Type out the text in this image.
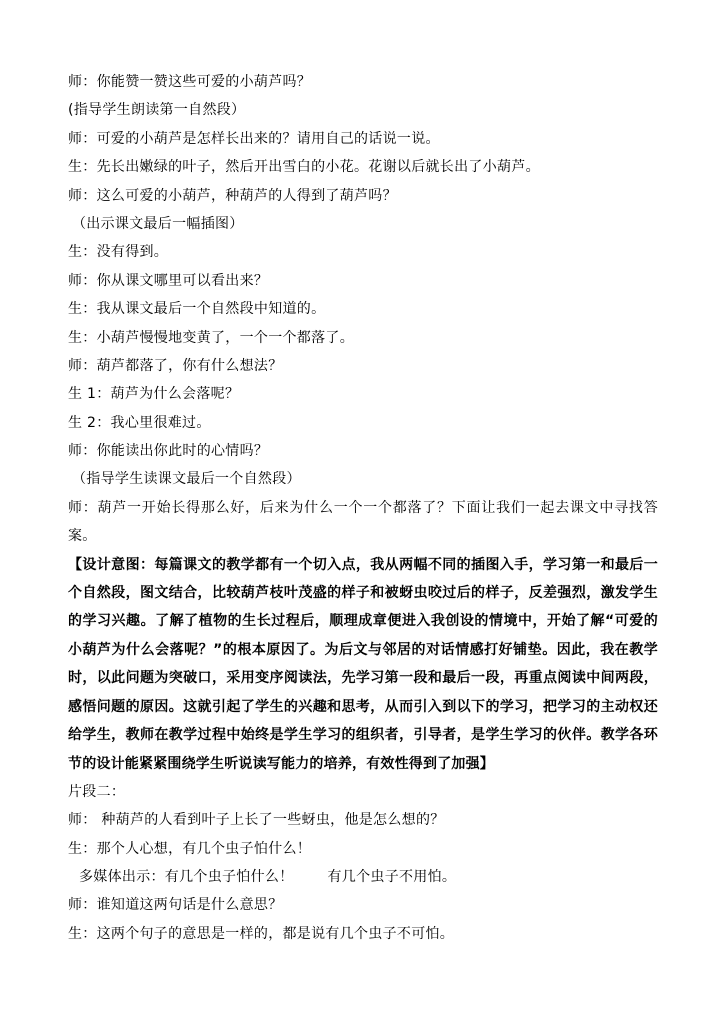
师：你能赞一赞这些可爱的小葫芦吗？
(指导学生朗读第一自然段）
师：可爱的小葫芦是怎样长出来的？请用自己的话说一说。
生：先长出嫩绿的叶子，然后开出雪白的小花。花谢以后就长出了小葫芦。
师：这么可爱的小葫芦，种葫芦的人得到了葫芦吗？
（出示课文最后一幅插图）
生：没有得到。
师：你从课文哪里可以看出来？
生：我从课文最后一个自然段中知道的。
生：小葫芦慢慢地变黄了，一个一个都落了。
师：葫芦都落了，你有什么想法？
生 1：葫芦为什么会落呢？
生 2：我心里很难过。
师：你能读出你此时的心情吗？
（指导学生读课文最后一个自然段）
师：葫芦一开始长得那么好，后来为什么一个一个都落了？下面让我们一起去课文中寻找答案。
【设计意图：每篇课文的教学都有一个切入点，我从两幅不同的插图入手，学习第一和最后一个自然段，图文结合，比较葫芦枝叶茂盛的样子和被蚜虫咬过后的样子，反差强烈，激发学生的学习兴趣。了解了植物的生长过程后，顺理成章便进入我创设的情境中，开始了解“可爱的小葫芦为什么会落呢？”的根本原因了。为后文与邻居的对话情感打好铺垫。因此，我在教学时，以此问题为突破口，采用变序阅读法，先学习第一段和最后一段，再重点阅读中间两段，感悟问题的原因。这就引起了学生的兴趣和思考，从而引入到以下的学习，把学习的主动权还给学生，教师在教学过程中始终是学生学习的组织者，引导者，是学生学习的伙伴。教学各环节的设计能紧紧围绕学生听说读写能力的培养，有效性得到了加强】
片段二：
师： 种葫芦的人看到叶子上长了一些蚜虫，他是怎么想的？
生：那个人心想，有几个虫子怕什么！
多媒体出示：有几个虫子怕什么！ 有几个虫子不用怕。
师：谁知道这两句话是什么意思？
生：这两个句子的意思是一样的，都是说有几个虫子不可怕。
